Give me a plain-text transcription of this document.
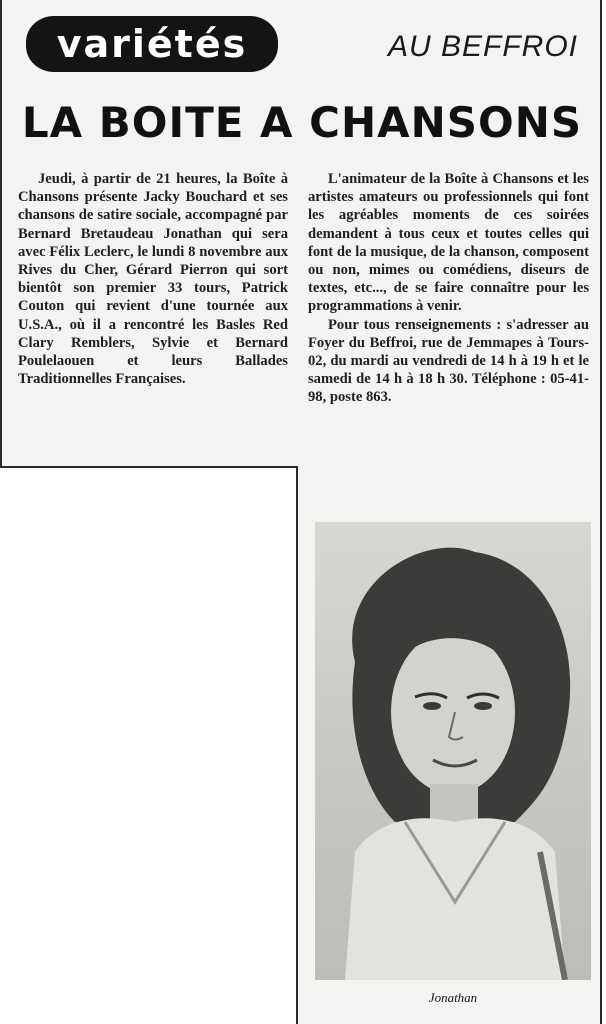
variétés	AU BEFFROI
LA BOITE A CHANSONS

Jeudi, à partir de 21 heures, la Boîte à Chansons présente Jacky Bouchard et ses chansons de satire sociale, accompagné par Bernard Bretaudeau Jonathan qui sera avec Félix Leclerc, le lundi 8 novembre aux Rives du Cher, Gérard Pierron qui sort bientôt son premier 33 tours, Patrick Couton qui revient d'une tournée aux U.S.A., où il a rencontré les Basles Red Clary Remblers, Sylvie et Bernard Poulelaouen et leurs Ballades Traditionnelles Françaises.

L'animateur de la Boîte à Chansons et les artistes amateurs ou professionnels qui font les agréables moments de ces soirées demandent à tous ceux et toutes celles qui font de la musique, de la chanson, composent ou non, mimes ou comédiens, diseurs de textes, etc..., de se faire connaître pour les programmations à venir.

Pour tous renseignements : s'adresser au Foyer du Beffroi, rue de Jemmapes à Tours-02, du mardi au vendredi de 14 h à 19 h et le samedi de 14 h à 18 h 30. Téléphone : 05-41-98, poste 863.

Jonathan
